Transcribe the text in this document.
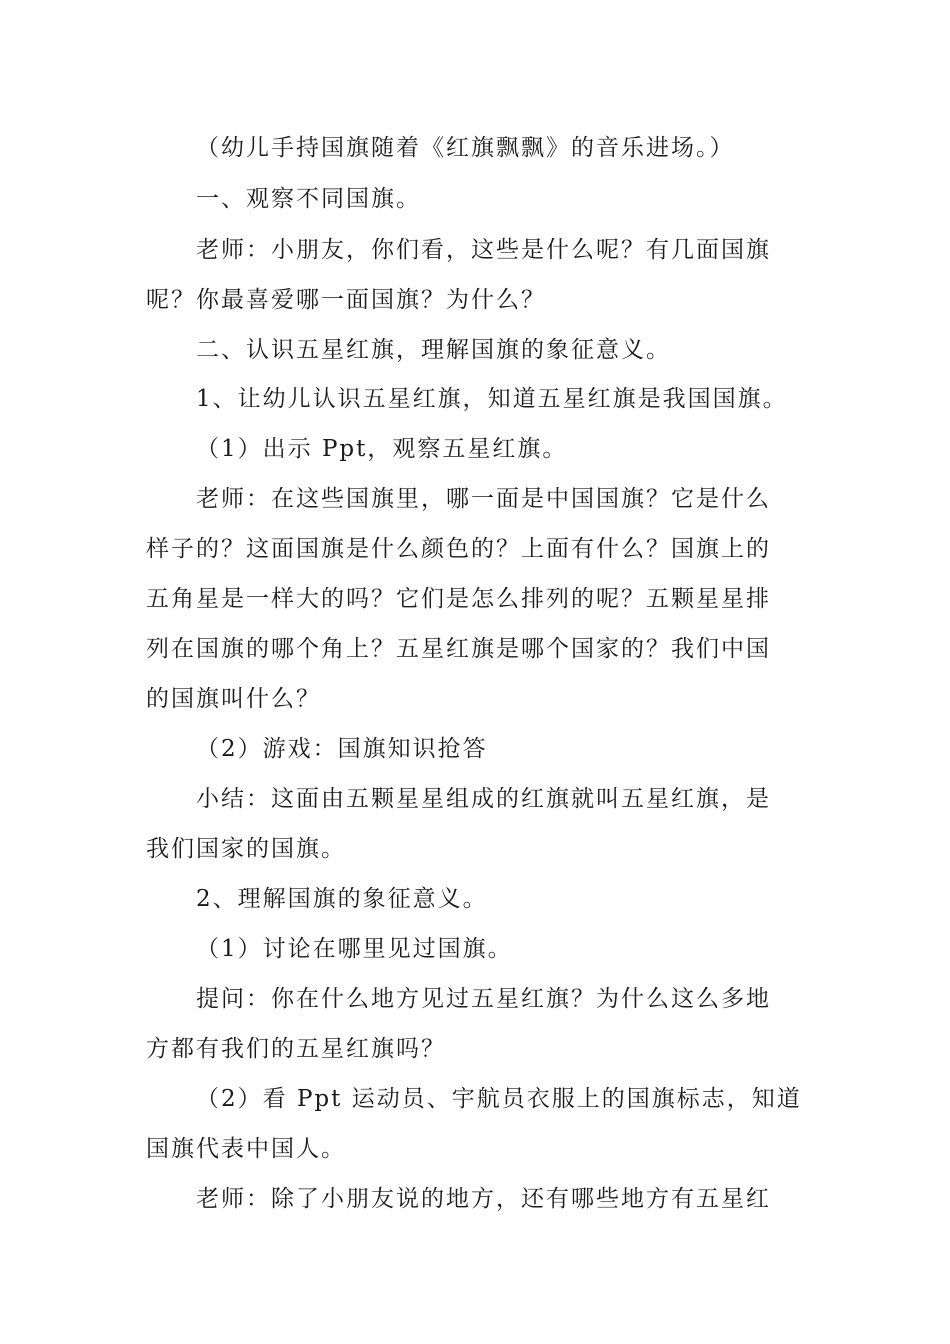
（幼儿手持国旗随着《红旗飘飘》的音乐进场。）
一、观察不同国旗。
老师：小朋友，你们看，这些是什么呢？有几面国旗
呢？你最喜爱哪一面国旗？为什么？
二、认识五星红旗，理解国旗的象征意义。
1、让幼儿认识五星红旗，知道五星红旗是我国国旗。
（1）出示 Ppt，观察五星红旗。
老师：在这些国旗里，哪一面是中国国旗？它是什么
样子的？这面国旗是什么颜色的？上面有什么？国旗上的
五角星是一样大的吗？它们是怎么排列的呢？五颗星星排
列在国旗的哪个角上？五星红旗是哪个国家的？我们中国
的国旗叫什么？
（2）游戏：国旗知识抢答
小结：这面由五颗星星组成的红旗就叫五星红旗，是
我们国家的国旗。
2、理解国旗的象征意义。
（1）讨论在哪里见过国旗。
提问：你在什么地方见过五星红旗？为什么这么多地
方都有我们的五星红旗吗？
（2）看 Ppt 运动员、宇航员衣服上的国旗标志，知道
国旗代表中国人。
老师：除了小朋友说的地方，还有哪些地方有五星红
